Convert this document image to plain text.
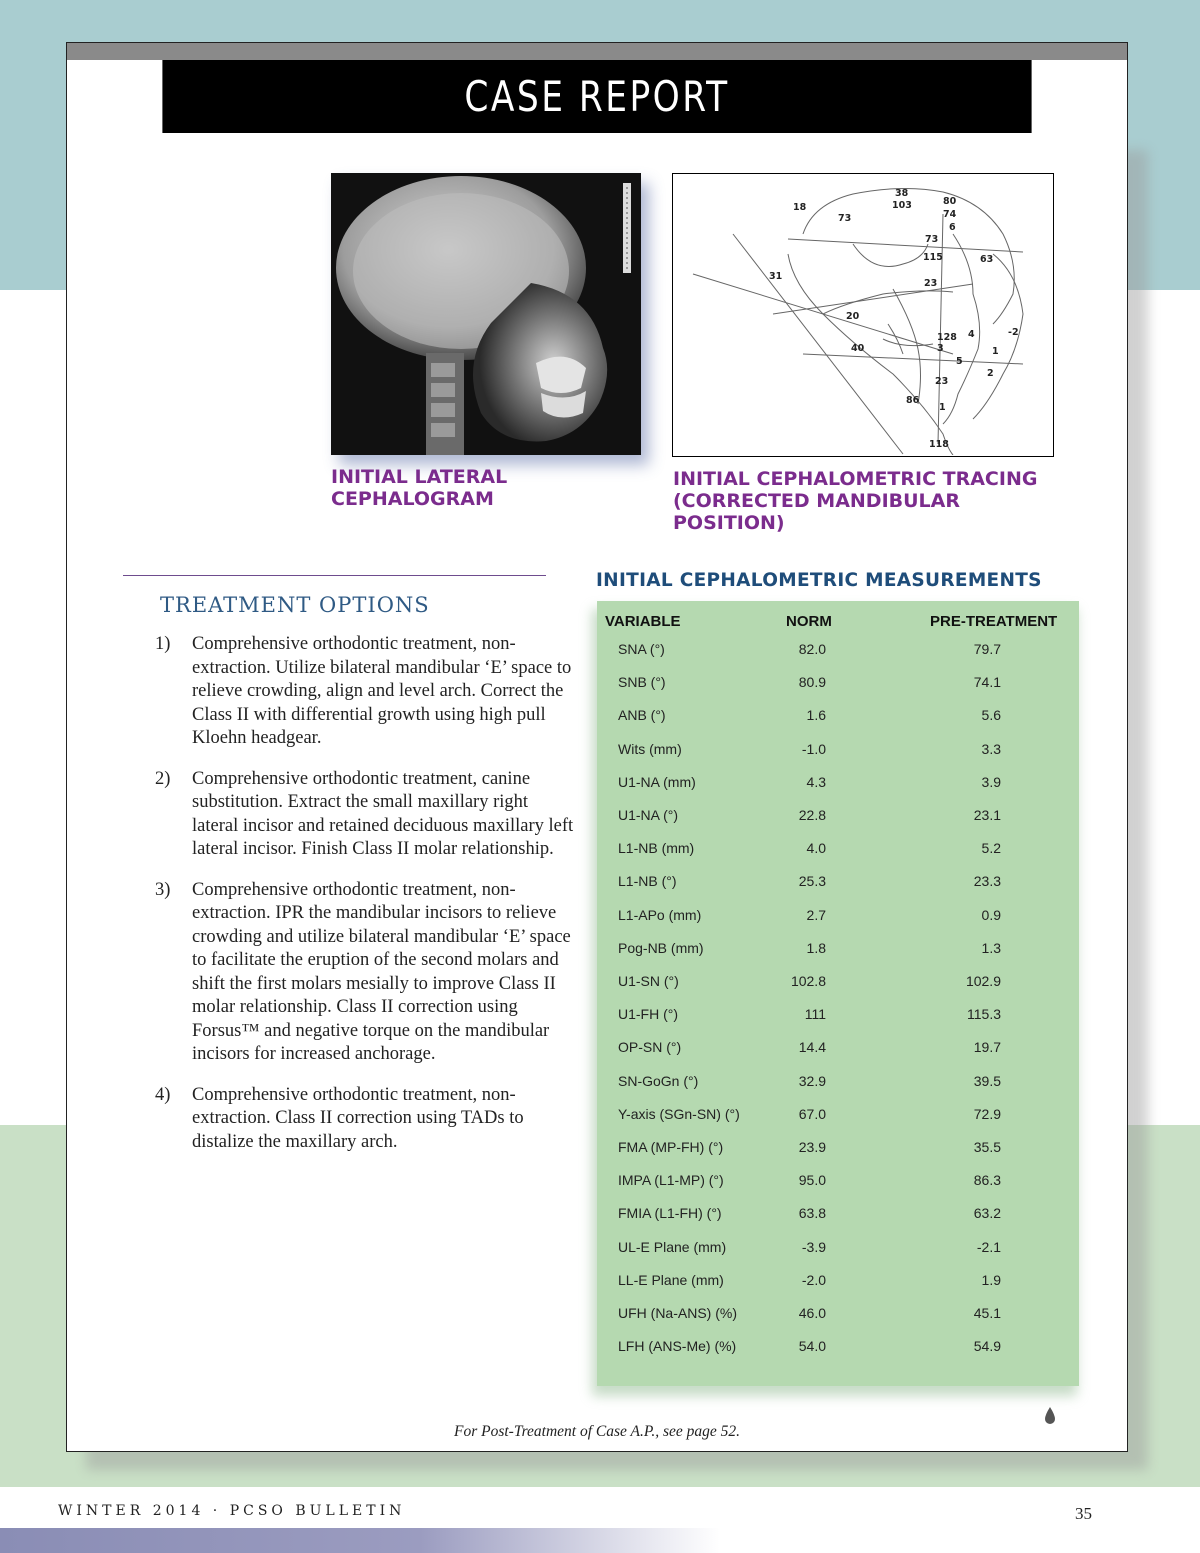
CASE REPORT
18
38
103	80
74
6
73
73
115	63
31
23
20
128 4	-2
3
40	1
5
2
23
86
1
118
INITIAL LATERAL
CEPHALOGRAM
INITIAL CEPHALOMETRIC TRACING
(CORRECTED MANDIBULAR
POSITION)
TREATMENT OPTIONS
1) Comprehensive orthodontic treatment, non-extraction. Utilize bilateral mandibular ‘E’ space to relieve crowding, align and level arch. Correct the Class II with differential growth using high pull Kloehn headgear.
2) Comprehensive orthodontic treatment, canine substitution. Extract the small maxillary right lateral incisor and retained deciduous maxillary left lateral incisor. Finish Class II molar relationship.
3) Comprehensive orthodontic treatment, non-extraction. IPR the mandibular incisors to relieve crowding and utilize bilateral mandibular ‘E’ space to facilitate the eruption of the second molars and shift the first molars mesially to improve Class II molar relationship. Class II correction using Forsus™ and negative torque on the mandibular incisors for increased anchorage.
4) Comprehensive orthodontic treatment, non-extraction. Class II correction using TADs to distalize the maxillary arch.
INITIAL CEPHALOMETRIC MEASUREMENTS
VARIABLE	NORM	PRE-TREATMENT
SNA (°)	82.0	79.7
SNB (°)	80.9	74.1
ANB (°)	1.6	5.6
Wits (mm)	-1.0	3.3
U1-NA (mm)	4.3	3.9
U1-NA (°)	22.8	23.1
L1-NB (mm)	4.0	5.2
L1-NB (°)	25.3	23.3
L1-APo (mm)	2.7	0.9
Pog-NB (mm)	1.8	1.3
U1-SN (°)	102.8	102.9
U1-FH (°)	111	115.3
OP-SN (°)	14.4	19.7
SN-GoGn (°)	32.9	39.5
Y-axis (SGn-SN) (°)	67.0	72.9
FMA (MP-FH) (°)	23.9	35.5
IMPA (L1-MP) (°)	95.0	86.3
FMIA (L1-FH) (°)	63.8	63.2
UL-E Plane (mm)	-3.9	-2.1
LL-E Plane (mm)	-2.0	1.9
UFH (Na-ANS) (%)	46.0	45.1
LFH (ANS-Me) (%)	54.0	54.9
For Post-Treatment of Case A.P., see page 52.
WINTER 2014 · PCSO BULLETIN	35
